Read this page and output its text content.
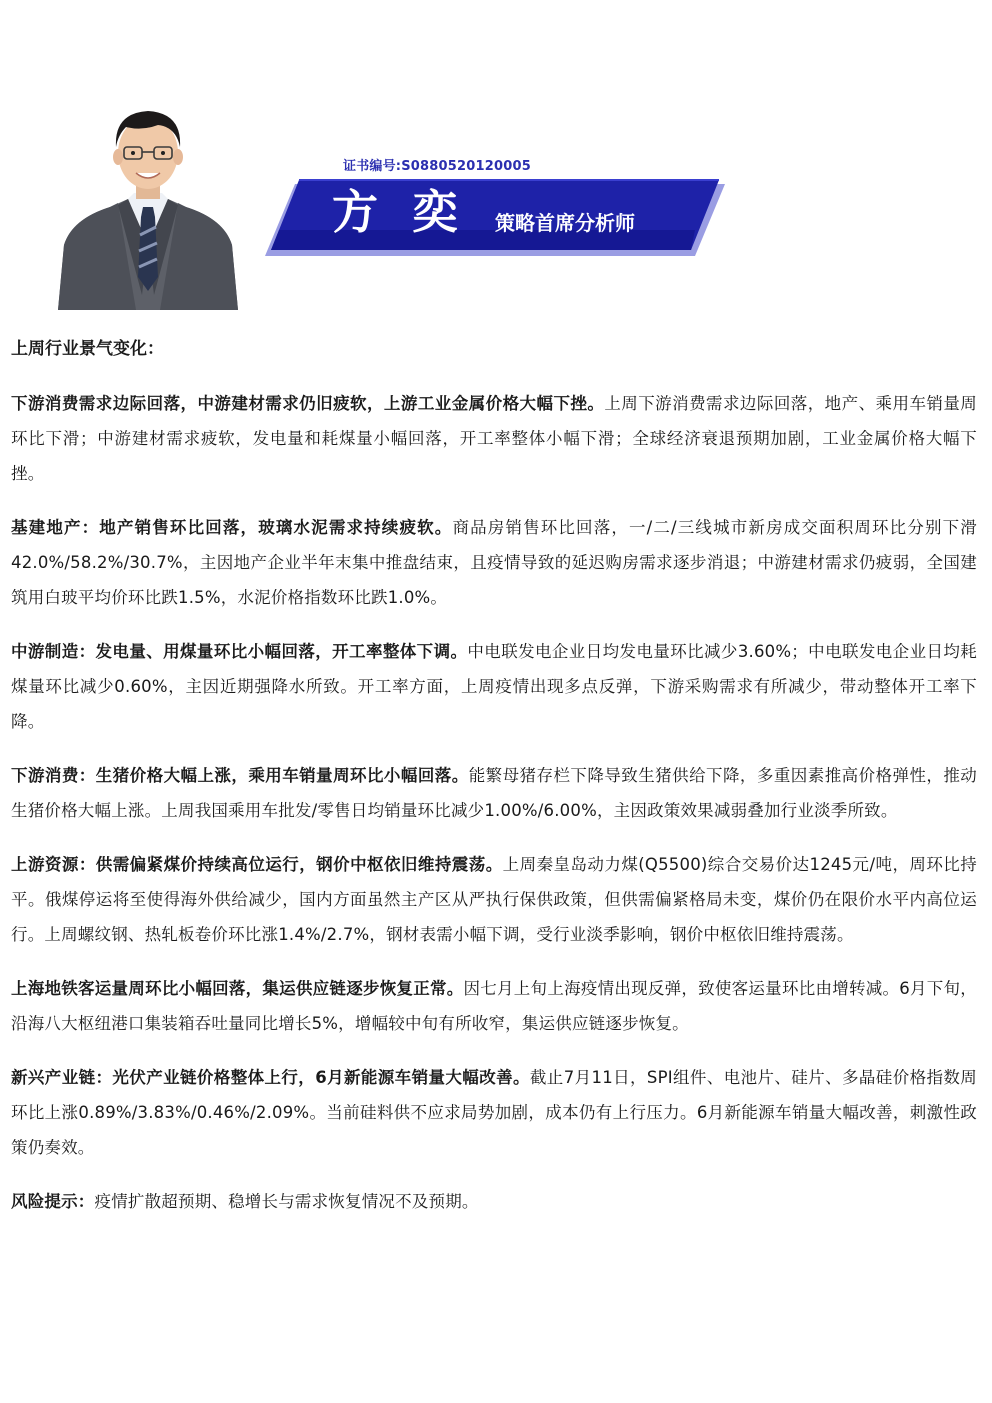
证书编号:S0880520120005
方奕 策略首席分析师
上周行业景气变化：

下游消费需求边际回落，中游建材需求仍旧疲软，上游工业金属价格大幅下挫。上周下游消费需求边际回落，地产、乘用车销量周环比下滑；中游建材需求疲软，发电量和耗煤量小幅回落，开工率整体小幅下滑；全球经济衰退预期加剧，工业金属价格大幅下挫。

基建地产：地产销售环比回落，玻璃水泥需求持续疲软。商品房销售环比回落，一/二/三线城市新房成交面积周环比分别下滑42.0%/58.2%/30.7%，主因地产企业半年末集中推盘结束，且疫情导致的延迟购房需求逐步消退；中游建材需求仍疲弱，全国建筑用白玻平均价环比跌1.5%，水泥价格指数环比跌1.0%。

中游制造：发电量、用煤量环比小幅回落，开工率整体下调。中电联发电企业日均发电量环比减少3.60%；中电联发电企业日均耗煤量环比减少0.60%，主因近期强降水所致。开工率方面，上周疫情出现多点反弹，下游采购需求有所减少，带动整体开工率下降。

下游消费：生猪价格大幅上涨，乘用车销量周环比小幅回落。能繁母猪存栏下降导致生猪供给下降，多重因素推高价格弹性，推动生猪价格大幅上涨。上周我国乘用车批发/零售日均销量环比减少1.00%/6.00%，主因政策效果减弱叠加行业淡季所致。

上游资源：供需偏紧煤价持续高位运行，钢价中枢依旧维持震荡。上周秦皇岛动力煤(Q5500)综合交易价达1245元/吨，周环比持平。俄煤停运将至使得海外供给减少，国内方面虽然主产区从严执行保供政策，但供需偏紧格局未变，煤价仍在限价水平内高位运行。上周螺纹钢、热轧板卷价环比涨1.4%/2.7%，钢材表需小幅下调，受行业淡季影响，钢价中枢依旧维持震荡。

上海地铁客运量周环比小幅回落，集运供应链逐步恢复正常。因七月上旬上海疫情出现反弹，致使客运量环比由增转减。6月下旬，沿海八大枢纽港口集装箱吞吐量同比增长5%，增幅较中旬有所收窄，集运供应链逐步恢复。

新兴产业链：光伏产业链价格整体上行，6月新能源车销量大幅改善。截止7月11日，SPI组件、电池片、硅片、多晶硅价格指数周环比上涨0.89%/3.83%/0.46%/2.09%。当前硅料供不应求局势加剧，成本仍有上行压力。6月新能源车销量大幅改善，刺激性政策仍奏效。

风险提示：疫情扩散超预期、稳增长与需求恢复情况不及预期。
